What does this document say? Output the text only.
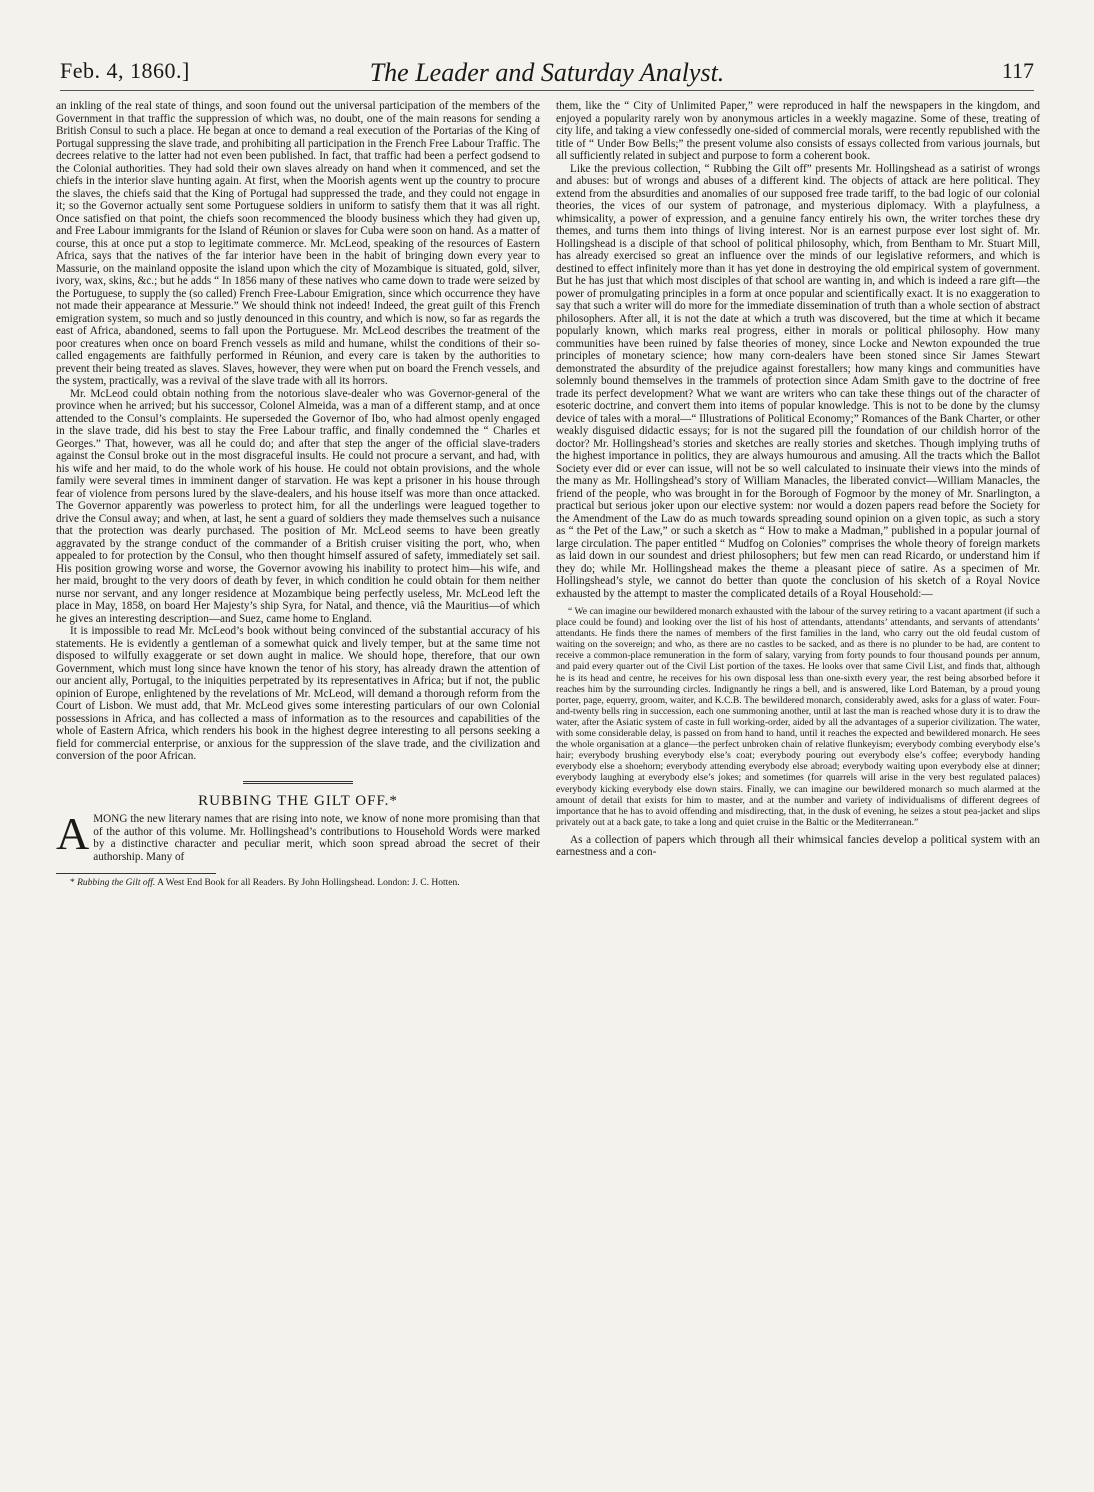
Feb. 4, 1860.]	The Leader and Saturday Analyst.	117

an inkling of the real state of things, and soon found out the universal participation of the members of the Government in that traffic the suppression of which was, no doubt, one of the main reasons for sending a British Consul to such a place. He began at once to demand a real execution of the Portarias of the King of Portugal suppressing the slave trade, and prohibiting all participation in the French Free Labour Traffic. The decrees relative to the latter had not even been published. In fact, that traffic had been a perfect godsend to the Colonial authorities. They had sold their own slaves already on hand when it commenced, and set the chiefs in the interior slave hunting again. At first, when the Moorish agents went up the country to procure the slaves, the chiefs said that the King of Portugal had suppressed the trade, and they could not engage in it; so the Governor actually sent some Portuguese soldiers in uniform to satisfy them that it was all right. Once satisfied on that point, the chiefs soon recommenced the bloody business which they had given up, and Free Labour immigrants for the Island of Réunion or slaves for Cuba were soon on hand. As a matter of course, this at once put a stop to legitimate commerce. Mr. McLeod, speaking of the resources of Eastern Africa, says that the natives of the far interior have been in the habit of bringing down every year to Massurie, on the mainland opposite the island upon which the city of Mozambique is situated, gold, silver, ivory, wax, skins, &c.; but he adds “ In 1856 many of these natives who came down to trade were seized by the Portuguese, to supply the (so called) French Free-Labour Emigration, since which occurrence they have not made their appearance at Messurie.” We should think not indeed! Indeed, the great guilt of this French emigration system, so much and so justly denounced in this country, and which is now, so far as regards the east of Africa, abandoned, seems to fall upon the Portuguese. Mr. McLeod describes the treatment of the poor creatures when once on board French vessels as mild and humane, whilst the conditions of their so-called engagements are faithfully performed in Réunion, and every care is taken by the authorities to prevent their being treated as slaves. Slaves, however, they were when put on board the French vessels, and the system, practically, was a revival of the slave trade with all its horrors.

Mr. McLeod could obtain nothing from the notorious slave-dealer who was Governor-general of the province when he arrived; but his successor, Colonel Almeida, was a man of a different stamp, and at once attended to the Consul’s complaints. He superseded the Governor of Ibo, who had almost openly engaged in the slave trade, did his best to stay the Free Labour traffic, and finally condemned the “ Charles et Georges.” That, however, was all he could do; and after that step the anger of the official slave-traders against the Consul broke out in the most disgraceful insults. He could not procure a servant, and had, with his wife and her maid, to do the whole work of his house. He could not obtain provisions, and the whole family were several times in imminent danger of starvation. He was kept a prisoner in his house through fear of violence from persons lured by the slave-dealers, and his house itself was more than once attacked. The Governor apparently was powerless to protect him, for all the underlings were leagued together to drive the Consul away; and when, at last, he sent a guard of soldiers they made themselves such a nuisance that the protection was dearly purchased. The position of Mr. McLeod seems to have been greatly aggravated by the strange conduct of the commander of a British cruiser visiting the port, who, when appealed to for protection by the Consul, who then thought himself assured of safety, immediately set sail. His position growing worse and worse, the Governor avowing his inability to protect him—his wife, and her maid, brought to the very doors of death by fever, in which condition he could obtain for them neither nurse nor servant, and any longer residence at Mozambique being perfectly useless, Mr. McLeod left the place in May, 1858, on board Her Majesty’s ship Syra, for Natal, and thence, viâ the Mauritius—of which he gives an interesting description—and Suez, came home to England.

It is impossible to read Mr. McLeod’s book without being convinced of the substantial accuracy of his statements. He is evidently a gentleman of a somewhat quick and lively temper, but at the same time not disposed to wilfully exaggerate or set down aught in malice. We should hope, therefore, that our own Government, which must long since have known the tenor of his story, has already drawn the attention of our ancient ally, Portugal, to the iniquities perpetrated by its representatives in Africa; but if not, the public opinion of Europe, enlightened by the revelations of Mr. McLeod, will demand a thorough reform from the Court of Lisbon. We must add, that Mr. McLeod gives some interesting particulars of our own Colonial possessions in Africa, and has collected a mass of information as to the resources and capabilities of the whole of Eastern Africa, which renders his book in the highest degree interesting to all persons seeking a field for commercial enterprise, or anxious for the suppression of the slave trade, and the civilization and conversion of the poor African.

RUBBING THE GILT OFF.*

AMONG the new literary names that are rising into note, we know of none more promising than that of the author of this volume. Mr. Hollingshead’s contributions to Household Words were marked by a distinctive character and peculiar merit, which soon spread abroad the secret of their authorship. Many of

* Rubbing the Gilt off. A West End Book for all Readers. By John Hollingshead. London: J. C. Hotten.

them, like the “ City of Unlimited Paper,” were reproduced in half the newspapers in the kingdom, and enjoyed a popularity rarely won by anonymous articles in a weekly magazine. Some of these, treating of city life, and taking a view confessedly one-sided of commercial morals, were recently republished with the title of “ Under Bow Bells;” the present volume also consists of essays collected from various journals, but all sufficiently related in subject and purpose to form a coherent book.

Like the previous collection, “ Rubbing the Gilt off” presents Mr. Hollingshead as a satirist of wrongs and abuses: but of wrongs and abuses of a different kind. The objects of attack are here political. They extend from the absurdities and anomalies of our supposed free trade tariff, to the bad logic of our colonial theories, the vices of our system of patronage, and mysterious diplomacy. With a playfulness, a whimsicality, a power of expression, and a genuine fancy entirely his own, the writer torches these dry themes, and turns them into things of living interest. Nor is an earnest purpose ever lost sight of. Mr. Hollingshead is a disciple of that school of political philosophy, which, from Bentham to Mr. Stuart Mill, has already exercised so great an influence over the minds of our legislative reformers, and which is destined to effect infinitely more than it has yet done in destroying the old empirical system of government. But he has just that which most disciples of that school are wanting in, and which is indeed a rare gift—the power of promulgating principles in a form at once popular and scientifically exact. It is no exaggeration to say that such a writer will do more for the immediate dissemination of truth than a whole section of abstract philosophers. After all, it is not the date at which a truth was discovered, but the time at which it became popularly known, which marks real progress, either in morals or political philosophy. How many communities have been ruined by false theories of money, since Locke and Newton expounded the true principles of monetary science; how many corn-dealers have been stoned since Sir James Stewart demonstrated the absurdity of the prejudice against forestallers; how many kings and communities have solemnly bound themselves in the trammels of protection since Adam Smith gave to the doctrine of free trade its perfect development? What we want are writers who can take these things out of the character of esoteric doctrine, and convert them into items of popular knowledge. This is not to be done by the clumsy device of tales with a moral—“ Illustrations of Political Economy;” Romances of the Bank Charter, or other weakly disguised didactic essays; for is not the sugared pill the foundation of our childish horror of the doctor? Mr. Hollingshead’s stories and sketches are really stories and sketches. Though implying truths of the highest importance in politics, they are always humourous and amusing. All the tracts which the Ballot Society ever did or ever can issue, will not be so well calculated to insinuate their views into the minds of the many as Mr. Hollingshead’s story of William Manacles, the liberated convict—William Manacles, the friend of the people, who was brought in for the Borough of Fogmoor by the money of Mr. Snarlington, a practical but serious joker upon our elective system: nor would a dozen papers read before the Society for the Amendment of the Law do as much towards spreading sound opinion on a given topic, as such a story as “ the Pet of the Law,” or such a sketch as “ How to make a Madman,” published in a popular journal of large circulation. The paper entitled “ Mudfog on Colonies” comprises the whole theory of foreign markets as laid down in our soundest and driest philosophers; but few men can read Ricardo, or understand him if they do; while Mr. Hollingshead makes the theme a pleasant piece of satire. As a specimen of Mr. Hollingshead’s style, we cannot do better than quote the conclusion of his sketch of a Royal Novice exhausted by the attempt to master the complicated details of a Royal Household:—

“ We can imagine our bewildered monarch exhausted with the labour of the survey retiring to a vacant apartment (if such a place could be found) and looking over the list of his host of attendants, attendants’ attendants, and servants of attendants’ attendants. He finds there the names of members of the first families in the land, who carry out the old feudal custom of waiting on the sovereign; and who, as there are no castles to be sacked, and as there is no plunder to be had, are content to receive a common-place remuneration in the form of salary, varying from forty pounds to four thousand pounds per annum, and paid every quarter out of the Civil List portion of the taxes. He looks over that same Civil List, and finds that, although he is its head and centre, he receives for his own disposal less than one-sixth every year, the rest being absorbed before it reaches him by the surrounding circles. Indignantly he rings a bell, and is answered, like Lord Bateman, by a proud young porter, page, equerry, groom, waiter, and K.C.B. The bewildered monarch, considerably awed, asks for a glass of water. Four-and-twenty bells ring in succession, each one summoning another, until at last the man is reached whose duty it is to draw the water, after the Asiatic system of caste in full working-order, aided by all the advantages of a superior civilization. The water, with some considerable delay, is passed on from hand to hand, until it reaches the expected and bewildered monarch. He sees the whole organisation at a glance—the perfect unbroken chain of relative flunkeyism; everybody combing everybody else’s hair; everybody brushing everybody else’s coat; everybody pouring out everybody else’s coffee; everybody handing everybody else a shoehorn; everybody attending everybody else abroad; everybody waiting upon everybody else at dinner; everybody laughing at everybody else’s jokes; and sometimes (for quarrels will arise in the very best regulated palaces) everybody kicking everybody else down stairs. Finally, we can imagine our bewildered monarch so much alarmed at the amount of detail that exists for him to master, and at the number and variety of individualisms of different degrees of importance that he has to avoid offending and misdirecting, that, in the dusk of evening, he seizes a stout pea-jacket and slips privately out at a back gate, to take a long and quiet cruise in the Baltic or the Mediterranean.”

As a collection of papers which through all their whimsical fancies develop a political system with an earnestness and a con-
